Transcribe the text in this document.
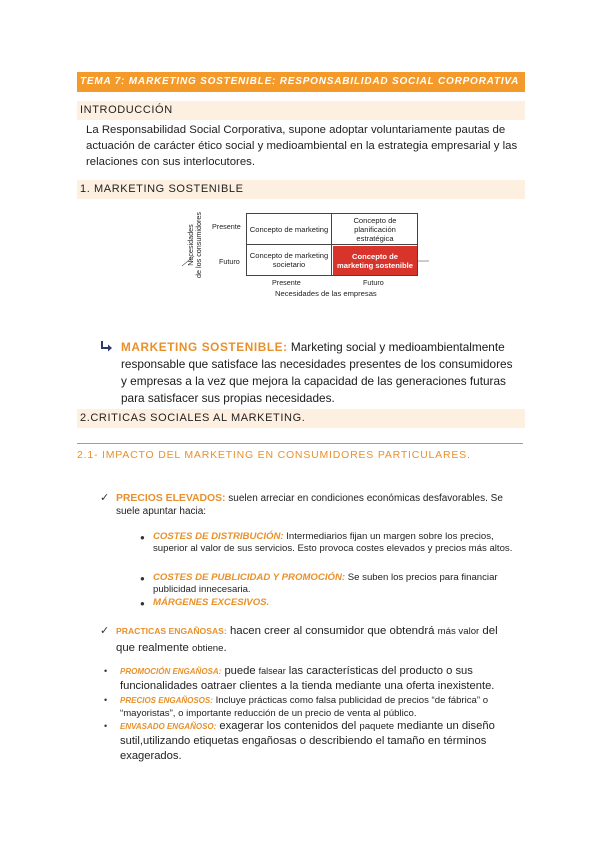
TEMA 7: MARKETING SOSTENIBLE: RESPONSABILIDAD SOCIAL CORPORATIVA
INTRODUCCIÓN
La Responsabilidad Social Corporativa, supone adoptar voluntariamente pautas de actuación de carácter ético social y medioambiental en la estrategia empresarial y las relaciones con sus interlocutores.
1. MARKETING SOSTENIBLE
Necesidades de los consumidores Presente
Futuro
Concepto de marketing
Concepto de planificación estratégica
Concepto de marketing societario
Concepto de marketing sostenible
Presente	Futuro
Necesidades de las empresas
MARKETING SOSTENIBLE: Marketing social y medioambientalmente responsable que satisface las necesidades presentes de los consumidores y empresas a la vez que mejora la capacidad de las generaciones futuras para satisfacer sus propias necesidades.
2.CRITICAS SOCIALES AL MARKETING.
2.1- IMPACTO DEL MARKETING EN CONSUMIDORES PARTICULARES.
✓ PRECIOS ELEVADOS: suelen arreciar en condiciones económicas desfavorables. Se suele apuntar hacia:
● COSTES DE DISTRIBUCIÓN: Intermediarios fijan un margen sobre los precios, superior al valor de sus servicios. Esto provoca costes elevados y precios más altos.
● COSTES DE PUBLICIDAD Y PROMOCIÓN: Se suben los precios para financiar publicidad innecesaria.
● MÁRGENES EXCESIVOS.
✓ PRACTICAS ENGAÑOSAS: hacen creer al consumidor que obtendrá más valor del que realmente obtiene.
• PROMOCIÓN ENGAÑOSA: puede falsear las características del producto o sus funcionalidades oatraer clientes a la tienda mediante una oferta inexistente.
• PRECIOS ENGAÑOSOS: Incluye prácticas como falsa publicidad de precios “de fábrica” o “mayoristas”, o importante reducción de un precio de venta al público.
• ENVASADO ENGAÑOSO: exagerar los contenidos del paquete mediante un diseño sutil,utilizando etiquetas engañosas o describiendo el tamaño en términos exagerados.
